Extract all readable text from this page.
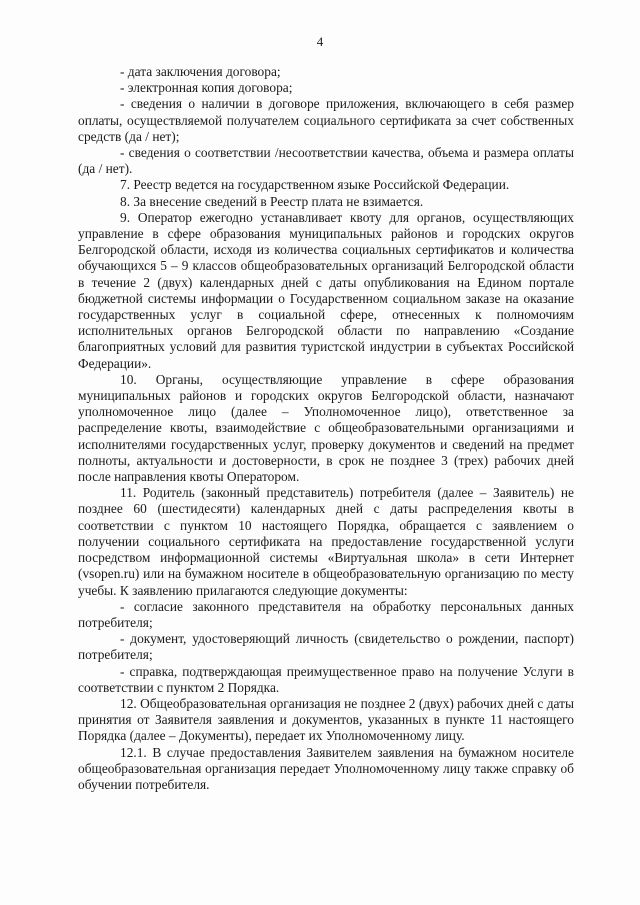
4

- дата заключения договора;

- электронная копия договора;

- сведения о наличии в договоре приложения, включающего в себя размер оплаты, осуществляемой получателем социального сертификата за счет собственных средств (да / нет);

- сведения о соответствии /несоответствии качества, объема и размера оплаты (да / нет).

7. Реестр ведется на государственном языке Российской Федерации.

8. За внесение сведений в Реестр плата не взимается.

9. Оператор ежегодно устанавливает квоту для органов, осуществляющих управление в сфере образования муниципальных районов и городских округов Белгородской области, исходя из количества социальных сертификатов и количества обучающихся 5 – 9 классов общеобразовательных организаций Белгородской области в течение 2 (двух) календарных дней с даты опубликования на Едином портале бюджетной системы информации о Государственном социальном заказе на оказание государственных услуг в социальной сфере, отнесенных к полномочиям исполнительных органов Белгородской области по направлению «Создание благоприятных условий для развития туристской индустрии в субъектах Российской Федерации».

10. Органы, осуществляющие управление в сфере образования муниципальных районов и городских округов Белгородской области, назначают уполномоченное лицо (далее – Уполномоченное лицо), ответственное за распределение квоты, взаимодействие с общеобразовательными организациями и исполнителями государственных услуг, проверку документов и сведений на предмет полноты, актуальности и достоверности, в срок не позднее 3 (трех) рабочих дней после направления квоты Оператором.

11. Родитель (законный представитель) потребителя (далее – Заявитель) не позднее 60 (шестидесяти) календарных дней с даты распределения квоты в соответствии с пунктом 10 настоящего Порядка, обращается с заявлением о получении социального сертификата на предоставление государственной услуги посредством информационной системы «Виртуальная школа» в сети Интернет (vsopen.ru) или на бумажном носителе в общеобразовательную организацию по месту учебы. К заявлению прилагаются следующие документы:

- согласие законного представителя на обработку персональных данных потребителя;

- документ, удостоверяющий личность (свидетельство о рождении, паспорт) потребителя;

- справка, подтверждающая преимущественное право на получение Услуги в соответствии с пунктом 2 Порядка.

12. Общеобразовательная организация не позднее 2 (двух) рабочих дней с даты принятия от Заявителя заявления и документов, указанных в пункте 11 настоящего Порядка (далее – Документы), передает их Уполномоченному лицу.

12.1. В случае предоставления Заявителем заявления на бумажном носителе общеобразовательная организация передает Уполномоченному лицу также справку об обучении потребителя.
